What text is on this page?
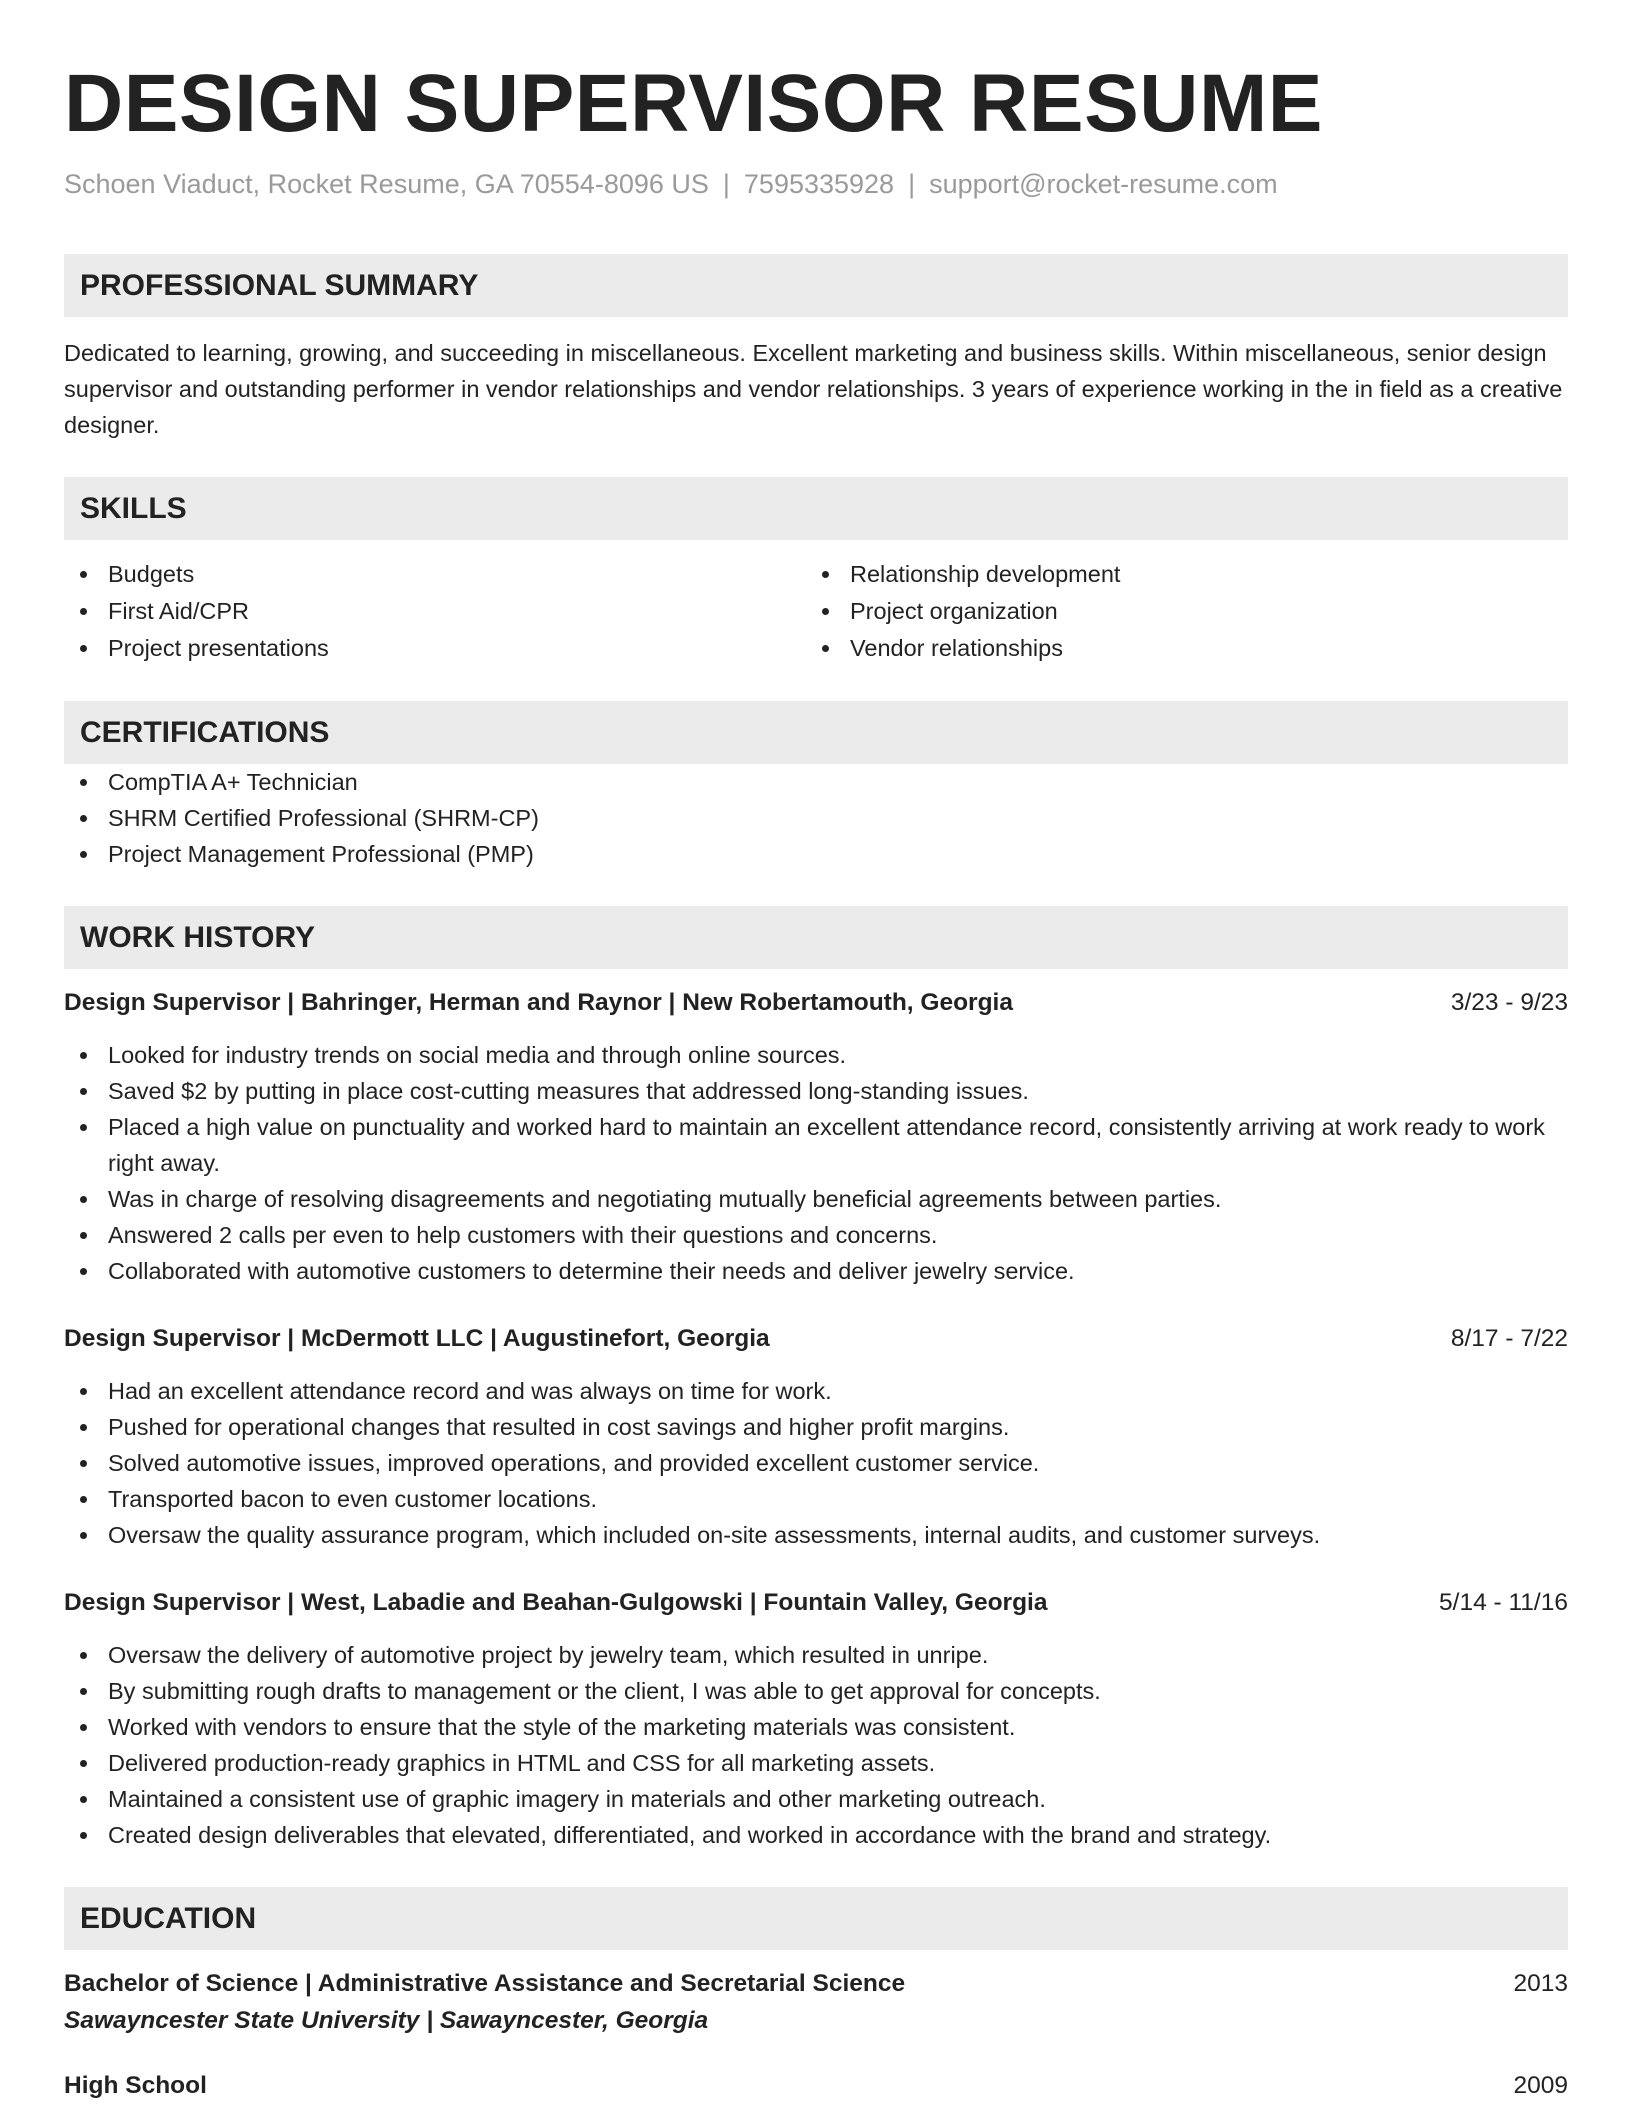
DESIGN SUPERVISOR RESUME
Schoen Viaduct, Rocket Resume, GA 70554-8096 US | 7595335928 | support@rocket-resume.com
PROFESSIONAL SUMMARY
Dedicated to learning, growing, and succeeding in miscellaneous. Excellent marketing and business skills. Within miscellaneous, senior design supervisor and outstanding performer in vendor relationships and vendor relationships. 3 years of experience working in the in field as a creative designer.
SKILLS
Budgets
First Aid/CPR
Project presentations
Relationship development
Project organization
Vendor relationships
CERTIFICATIONS
CompTIA A+ Technician
SHRM Certified Professional (SHRM-CP)
Project Management Professional (PMP)
WORK HISTORY
Design Supervisor | Bahringer, Herman and Raynor | New Robertamouth, Georgia	3/23 - 9/23
Looked for industry trends on social media and through online sources.
Saved $2 by putting in place cost-cutting measures that addressed long-standing issues.
Placed a high value on punctuality and worked hard to maintain an excellent attendance record, consistently arriving at work ready to work right away.
Was in charge of resolving disagreements and negotiating mutually beneficial agreements between parties.
Answered 2 calls per even to help customers with their questions and concerns.
Collaborated with automotive customers to determine their needs and deliver jewelry service.
Design Supervisor | McDermott LLC | Augustinefort, Georgia	8/17 - 7/22
Had an excellent attendance record and was always on time for work.
Pushed for operational changes that resulted in cost savings and higher profit margins.
Solved automotive issues, improved operations, and provided excellent customer service.
Transported bacon to even customer locations.
Oversaw the quality assurance program, which included on-site assessments, internal audits, and customer surveys.
Design Supervisor | West, Labadie and Beahan-Gulgowski | Fountain Valley, Georgia	5/14 - 11/16
Oversaw the delivery of automotive project by jewelry team, which resulted in unripe.
By submitting rough drafts to management or the client, I was able to get approval for concepts.
Worked with vendors to ensure that the style of the marketing materials was consistent.
Delivered production-ready graphics in HTML and CSS for all marketing assets.
Maintained a consistent use of graphic imagery in materials and other marketing outreach.
Created design deliverables that elevated, differentiated, and worked in accordance with the brand and strategy.
EDUCATION
Bachelor of Science | Administrative Assistance and Secretarial Science	2013
Sawayncester State University | Sawayncester, Georgia
High School	2009
